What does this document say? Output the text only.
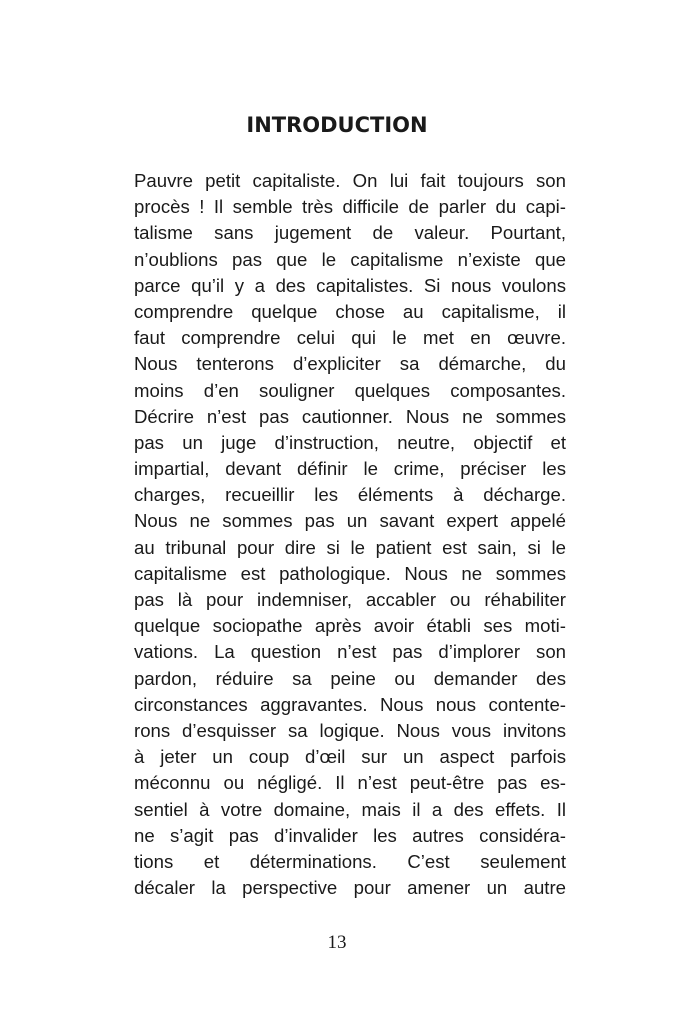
INTRODUCTION
Pauvre petit capitaliste. On lui fait toujours son
procès ! Il semble très difficile de parler du capi-
talisme sans jugement de valeur. Pourtant,
n’oublions pas que le capitalisme n’existe que
parce qu’il y a des capitalistes. Si nous voulons
comprendre quelque chose au capitalisme, il
faut comprendre celui qui le met en œuvre.
Nous tenterons d’expliciter sa démarche, du
moins d’en souligner quelques composantes.
Décrire n’est pas cautionner. Nous ne sommes
pas un juge d’instruction, neutre, objectif et
impartial, devant définir le crime, préciser les
charges, recueillir les éléments à décharge.
Nous ne sommes pas un savant expert appelé
au tribunal pour dire si le patient est sain, si le
capitalisme est pathologique. Nous ne sommes
pas là pour indemniser, accabler ou réhabiliter
quelque sociopathe après avoir établi ses moti-
vations. La question n’est pas d’implorer son
pardon, réduire sa peine ou demander des
circonstances aggravantes. Nous nous contente-
rons d’esquisser sa logique. Nous vous invitons
à jeter un coup d’œil sur un aspect parfois
méconnu ou négligé. Il n’est peut-être pas es-
sentiel à votre domaine, mais il a des effets. Il
ne s’agit pas d’invalider les autres considéra-
tions et déterminations. C’est seulement
décaler la perspective pour amener un autre
13
